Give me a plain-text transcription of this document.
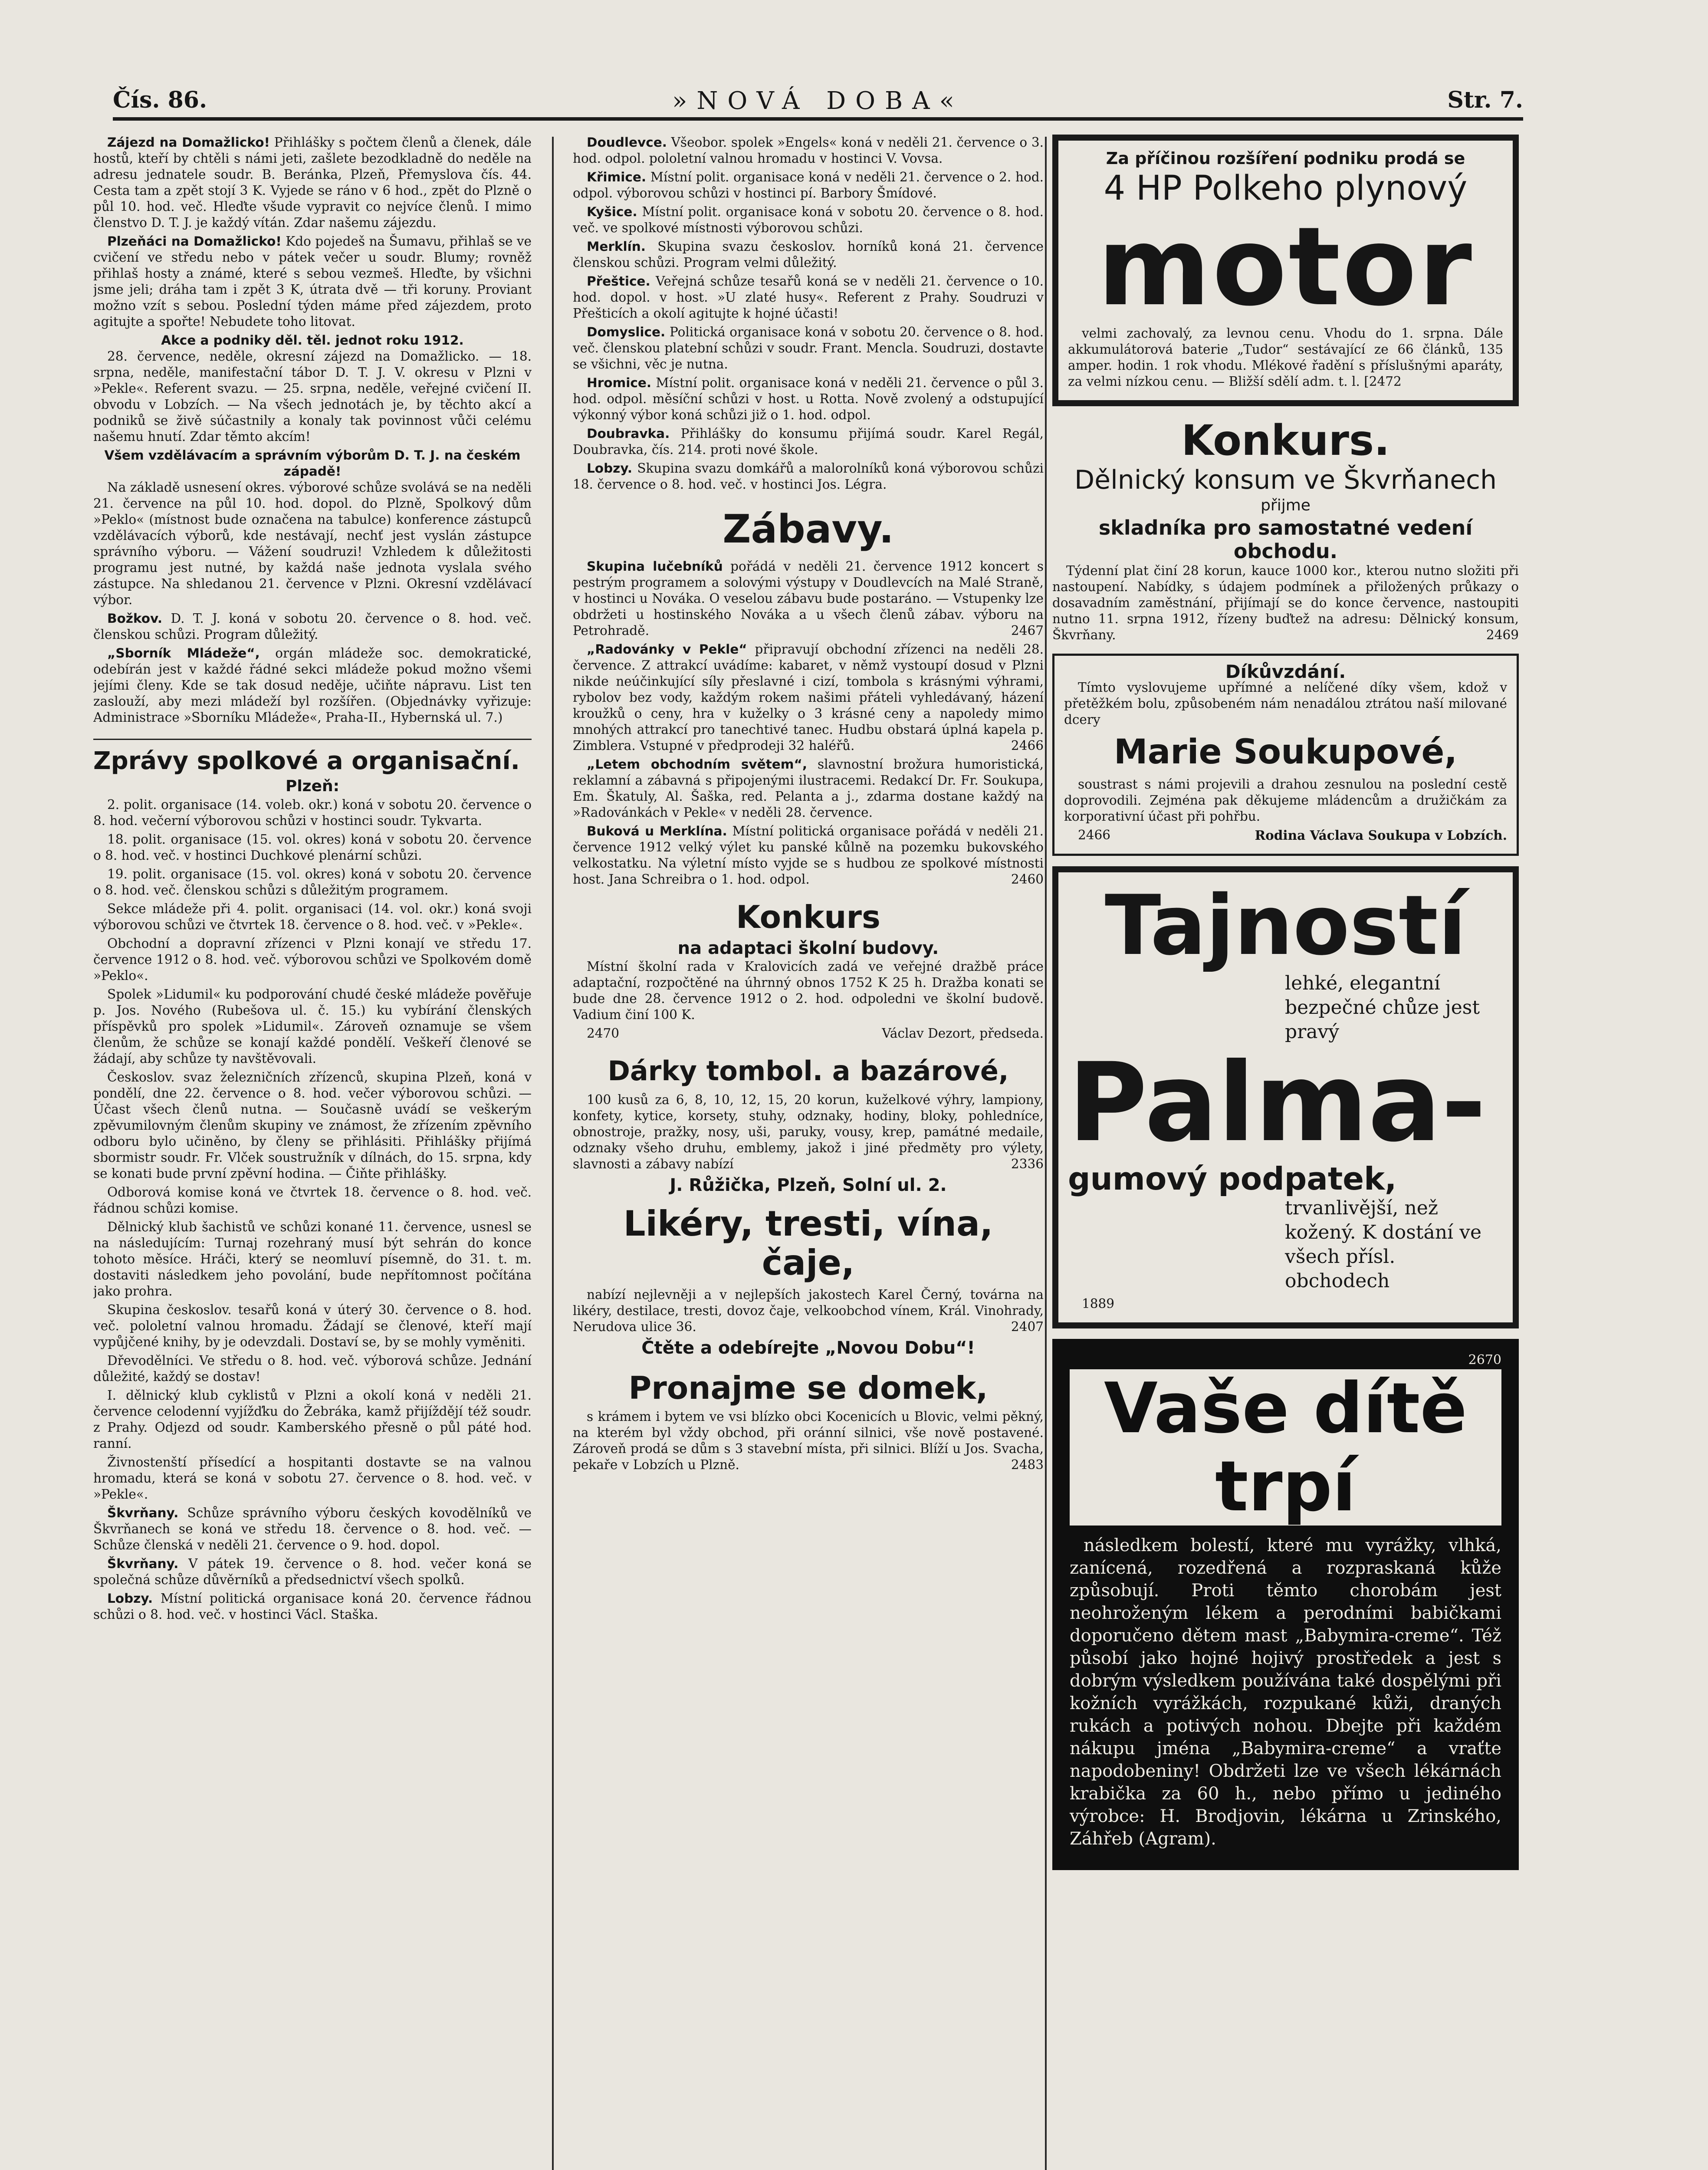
Čís. 86.	»NOVÁ DOBA«	Str. 7.

Zájezd na Domažlicko! Přihlášky s počtem členů a členek, dále hostů, kteří by chtěli s námi jeti, zašlete bezodkladně do neděle na adresu jednatele soudr. B. Beránka, Plzeň, Přemyslova čís. 44. Cesta tam a zpět stojí 3 K. Vyjede se ráno v 6 hod., zpět do Plzně o půl 10. hod. več. Hleďte všude vypravit co nejvíce členů. I mimo členstvo D. T. J. je každý vítán. Zdar našemu zájezdu.

Plzeňáci na Domažlicko! Kdo pojedeš na Šumavu, přihlaš se ve cvičení ve středu nebo v pátek večer u soudr. Blumy; rovněž přihlaš hosty a známé, které s sebou vezmeš. Hleďte, by všichni jsme jeli; dráha tam i zpět 3 K, útrata dvě — tři koruny. Proviant možno vzít s sebou. Poslední týden máme před zájezdem, proto agitujte a spořte! Nebudete toho litovat.

Akce a podniky děl. těl. jednot roku 1912.

28. července, neděle, okresní zájezd na Domažlicko. — 18. srpna, neděle, manifestační tábor D. T. J. V. okresu v Plzni v »Pekle«. Referent svazu. — 25. srpna, neděle, veřejné cvičení II. obvodu v Lobzích. — Na všech jednotách je, by těchto akcí a podniků se živě súčastnily a konaly tak povinnost vůči celému našemu hnutí. Zdar těmto akcím!

Všem vzdělávacím a správním výborům D. T. J. na českém západě!

Na základě usnesení okres. výborové schůze svolává se na neděli 21. července na půl 10. hod. dopol. do Plzně, Spolkový dům »Peklo« (místnost bude označena na tabulce) konference zástupců vzdělávacích výborů, kde nestávají, nechť jest vyslán zástupce správního výboru. — Vážení soudruzi! Vzhledem k důležitosti programu jest nutné, by každá naše jednota vyslala svého zástupce. Na shledanou 21. července v Plzni. Okresní vzdělávací výbor.

Božkov. D. T. J. koná v sobotu 20. července o 8. hod. več. členskou schůzi. Program důležitý.

„Sborník Mládeže“, orgán mládeže soc. demokratické, odebírán jest v každé řádné sekci mládeže pokud možno všemi jejími členy. Kde se tak dosud neděje, učiňte nápravu. List ten zaslouží, aby mezi mládeží byl rozšířen. (Objednávky vyřizuje: Administrace »Sborníku Mládeže«, Praha-II., Hybernská ul. 7.)

Zprávy spolkové a organisační.
Plzeň:

2. polit. organisace (14. voleb. okr.) koná v sobotu 20. července o 8. hod. večerní výborovou schůzi v hostinci soudr. Tykvarta.

18. polit. organisace (15. vol. okres) koná v sobotu 20. července o 8. hod. več. v hostinci Duchkové plenární schůzi.

19. polit. organisace (15. vol. okres) koná v sobotu 20. července o 8. hod. več. členskou schůzi s důležitým programem.

Sekce mládeže při 4. polit. organisaci (14. vol. okr.) koná svoji výborovou schůzi ve čtvrtek 18. července o 8. hod. več. v »Pekle«.

Obchodní a dopravní zřízenci v Plzni konají ve středu 17. července 1912 o 8. hod. več. výborovou schůzi ve Spolkovém domě »Peklo«.

Spolek »Lidumil« ku podporování chudé české mládeže pověřuje p. Jos. Nového (Rubešova ul. č. 15.) ku vybírání členských příspěvků pro spolek »Lidumil«. Zároveň oznamuje se všem členům, že schůze se konají každé pondělí. Veškeří členové se žádají, aby schůze ty navštěvovali.

Českoslov. svaz železničních zřízenců, skupina Plzeň, koná v pondělí, dne 22. července o 8. hod. večer výborovou schůzi. — Účast všech členů nutna. — Současně uvádí se veškerým zpěvumilovným členům skupiny ve známost, že zřízením zpěvního odboru bylo učiněno, by členy se přihlásiti. Přihlášky přijímá sbormistr soudr. Fr. Vlček soustružník v dílnách, do 15. srpna, kdy se konati bude první zpěvní hodina. — Čiňte přihlášky.

Odborová komise koná ve čtvrtek 18. července o 8. hod. več. řádnou schůzi komise.

Dělnický klub šachistů ve schůzi konané 11. července, usnesl se na následujícím: Turnaj rozehraný musí být sehrán do konce tohoto měsíce. Hráči, který se neomluví písemně, do 31. t. m. dostaviti následkem jeho povolání, bude nepřítomnost počítána jako prohra.

Skupina českoslov. tesařů koná v úterý 30. července o 8. hod. več. pololetní valnou hromadu. Žádají se členové, kteří mají vypůjčené knihy, by je odevzdali. Dostaví se, by se mohly vyměniti.

Dřevodělníci. Ve středu o 8. hod. več. výborová schůze. Jednání důležité, každý se dostav!

I. dělnický klub cyklistů v Plzni a okolí koná v neděli 21. července celodenní vyjížďku do Žebráka, kamž přijíždějí též soudr. z Prahy. Odjezd od soudr. Kamberského přesně o půl páté hod. ranní.

Živnostenští přísedící a hospitanti dostavte se na valnou hromadu, která se koná v sobotu 27. července o 8. hod. več. v »Pekle«.

Škvrňany. Schůze správního výboru českých kovodělníků ve Škvrňanech se koná ve středu 18. července o 8. hod. več. — Schůze členská v neděli 21. července o 9. hod. dopol.

Škvrňany. V pátek 19. července o 8. hod. večer koná se společná schůze důvěrníků a předsednictví všech spolků.

Lobzy. Místní politická organisace koná 20. července řádnou schůzi o 8. hod. več. v hostinci Václ. Staška.

Doudlevce. Všeobor. spolek »Engels« koná v neděli 21. července o 3. hod. odpol. pololetní valnou hromadu v hostinci V. Vovsa.

Křimice. Místní polit. organisace koná v neděli 21. července o 2. hod. odpol. výborovou schůzi v hostinci pí. Barbory Šmídové.

Kyšice. Místní polit. organisace koná v sobotu 20. července o 8. hod. več. ve spolkové místnosti výborovou schůzi.

Merklín. Skupina svazu českoslov. horníků koná 21. července členskou schůzi. Program velmi důležitý.

Přeštice. Veřejná schůze tesařů koná se v neděli 21. července o 10. hod. dopol. v host. »U zlaté husy«. Referent z Prahy. Soudruzi v Přešticích a okolí agitujte k hojné účasti!

Domyslice. Politická organisace koná v sobotu 20. července o 8. hod. več. členskou platební schůzi v soudr. Frant. Mencla. Soudruzi, dostavte se všichni, věc je nutna.

Hromice. Místní polit. organisace koná v neděli 21. července o půl 3. hod. odpol. měsíční schůzi v host. u Rotta. Nově zvolený a odstupující výkonný výbor koná schůzi již o 1. hod. odpol.

Doubravka. Přihlášky do konsumu přijímá soudr. Karel Regál, Doubravka, čís. 214. proti nové škole.

Lobzy. Skupina svazu domkářů a malorolníků koná výborovou schůzi 18. července o 8. hod. več. v hostinci Jos. Légra.

Zábavy.

Skupina lučebníků pořádá v neděli 21. července 1912 koncert s pestrým programem a solovými výstupy v Doudlevcích na Malé Straně, v hostinci u Nováka. O veselou zábavu bude postaráno. — Vstupenky lze obdržeti u hostinského Nováka a u všech členů zábav. výboru na Petrohradě.	2467

„Radovánky v Pekle“ připravují obchodní zřízenci na neděli 28. července. Z attrakcí uvádíme: kabaret, v němž vystoupí dosud v Plzni nikde neúčinkující síly přeslavné i cizí, tombola s krásnými výhrami, rybolov bez vody, každým rokem našimi přáteli vyhledávaný, házení kroužků o ceny, hra v kuželky o 3 krásné ceny a napoledy mimo mnohých attrakcí pro tanechtivé tanec. Hudbu obstará úplná kapela p. Zimblera. Vstupné v předprodeji 32 haléřů.	2466

„Letem obchodním světem“, slavnostní brožura humoristická, reklamní a zábavná s připojenými ilustracemi. Redakcí Dr. Fr. Soukupa, Em. Škatuly, Al. Šaška, red. Pelanta a j., zdarma dostane každý na »Radovánkách v Pekle« v neděli 28. července.

Buková u Merklína. Místní politická organisace pořádá v neděli 21. července 1912 velký výlet ku panské kůlně na pozemku bukovského velkostatku. Na výletní místo vyjde se s hudbou ze spolkové místnosti host. Jana Schreibra o 1. hod. odpol.	2460

Konkurs
na adaptaci školní budovy.

Místní školní rada v Kralovicích zadá ve veřejné dražbě práce adaptační, rozpočtěné na úhrnný obnos 1752 K 25 h. Dražba konati se bude dne 28. července 1912 o 2. hod. odpoledni ve školní budově. Vadium činí 100 K.

2470	Václav Dezort, předseda.

Dárky tombol. a bazárové,

100 kusů za 6, 8, 10, 12, 15, 20 korun, kuželkové výhry, lampiony, konfety, kytice, korsety, stuhy, odznaky, hodiny, bloky, pohledníce, obnostroje, pražky, nosy, uši, paruky, vousy, krep, památné medaile, odznaky všeho druhu, emblemy, jakož i jiné předměty pro výlety, slavnosti a zábavy nabízí	2336

J. Růžička, Plzeň, Solní ul. 2.
Likéry, tresti, vína, čaje,

nabízí nejlevněji a v nejlepších jakostech Karel Černý, továrna na likéry, destilace, tresti, dovoz čaje, velkoobchod vínem, Král. Vinohrady, Nerudova ulice 36.	2407

Čtěte a odebírejte „Novou Dobu“!
Pronajme se domek,

s krámem i bytem ve vsi blízko obci Kocenicích u Blovic, velmi pěkný, na kterém byl vždy obchod, při oránní silnici, vše nově postavené. Zároveň prodá se dům s 3 stavební místa, při silnici. Blíží u Jos. Svacha, pekaře v Lobzích u Plzně.	2483

Za příčinou rozšíření podniku prodá se
4 HP Polkeho plynový
motor

velmi zachovalý, za levnou cenu. Vhodu do 1. srpna. Dále akkumulátorová baterie „Tudor“ sestávající ze 66 článků, 135 amper. hodin. 1 rok vhodu. Mlékové řadění s příslušnými aparáty, za velmi nízkou cenu. — Bližší sdělí adm. t. l. [2472

Konkurs.
Dělnický konsum ve Škvrňanech
přijme
skladníka pro samostatné vedení obchodu.

Týdenní plat činí 28 korun, kauce 1000 kor., kterou nutno složiti při nastoupení. Nabídky, s údajem podmínek a přiložených průkazy o dosavadním zaměstnání, přijímají se do konce července, nastoupiti nutno 11. srpna 1912, řízeny buďtež na adresu: Dělnický konsum, Škvrňany.	2469

Díkůvzdání.

Tímto vyslovujeme upřímné a nelíčené díky všem, kdož v přetěžkém bolu, způsobeném nám nenadálou ztrátou naší milované dcery

Marie Soukupové,

soustrast s námi projevili a drahou zesnulou na poslední cestě doprovodili. Zejména pak děkujeme mládencům a družičkám za korporativní účast při pohřbu.

2466	Rodina Václava Soukupa v Lobzích.

Tajností

lehké, elegantní bezpečné chůze jest pravý

Palma-
gumový podpatek,

trvanlivější, než kožený. K dostání ve všech přísl. obchodech

1889

2670
Vaše dítě trpí

následkem bolestí, které mu vyrážky, vlhká, zanícená, rozedřená a rozpraskaná kůže způsobují. Proti těmto chorobám jest neohroženým lékem a perodními babičkami doporučeno dětem mast „Babymira-creme“. Též působí jako hojné hojivý prostředek a jest s dobrým výsledkem používána také dospělými při kožních vyrážkách, rozpukané kůži, draných rukách a potivých nohou. Dbejte při každém nákupu jména „Babymira-creme“ a vraťte napodobeniny! Obdržeti lze ve všech lékárnách krabička za 60 h., nebo přímo u jediného výrobce: H. Brodjovin, lékárna u Zrinského, Záhřeb (Agram).
